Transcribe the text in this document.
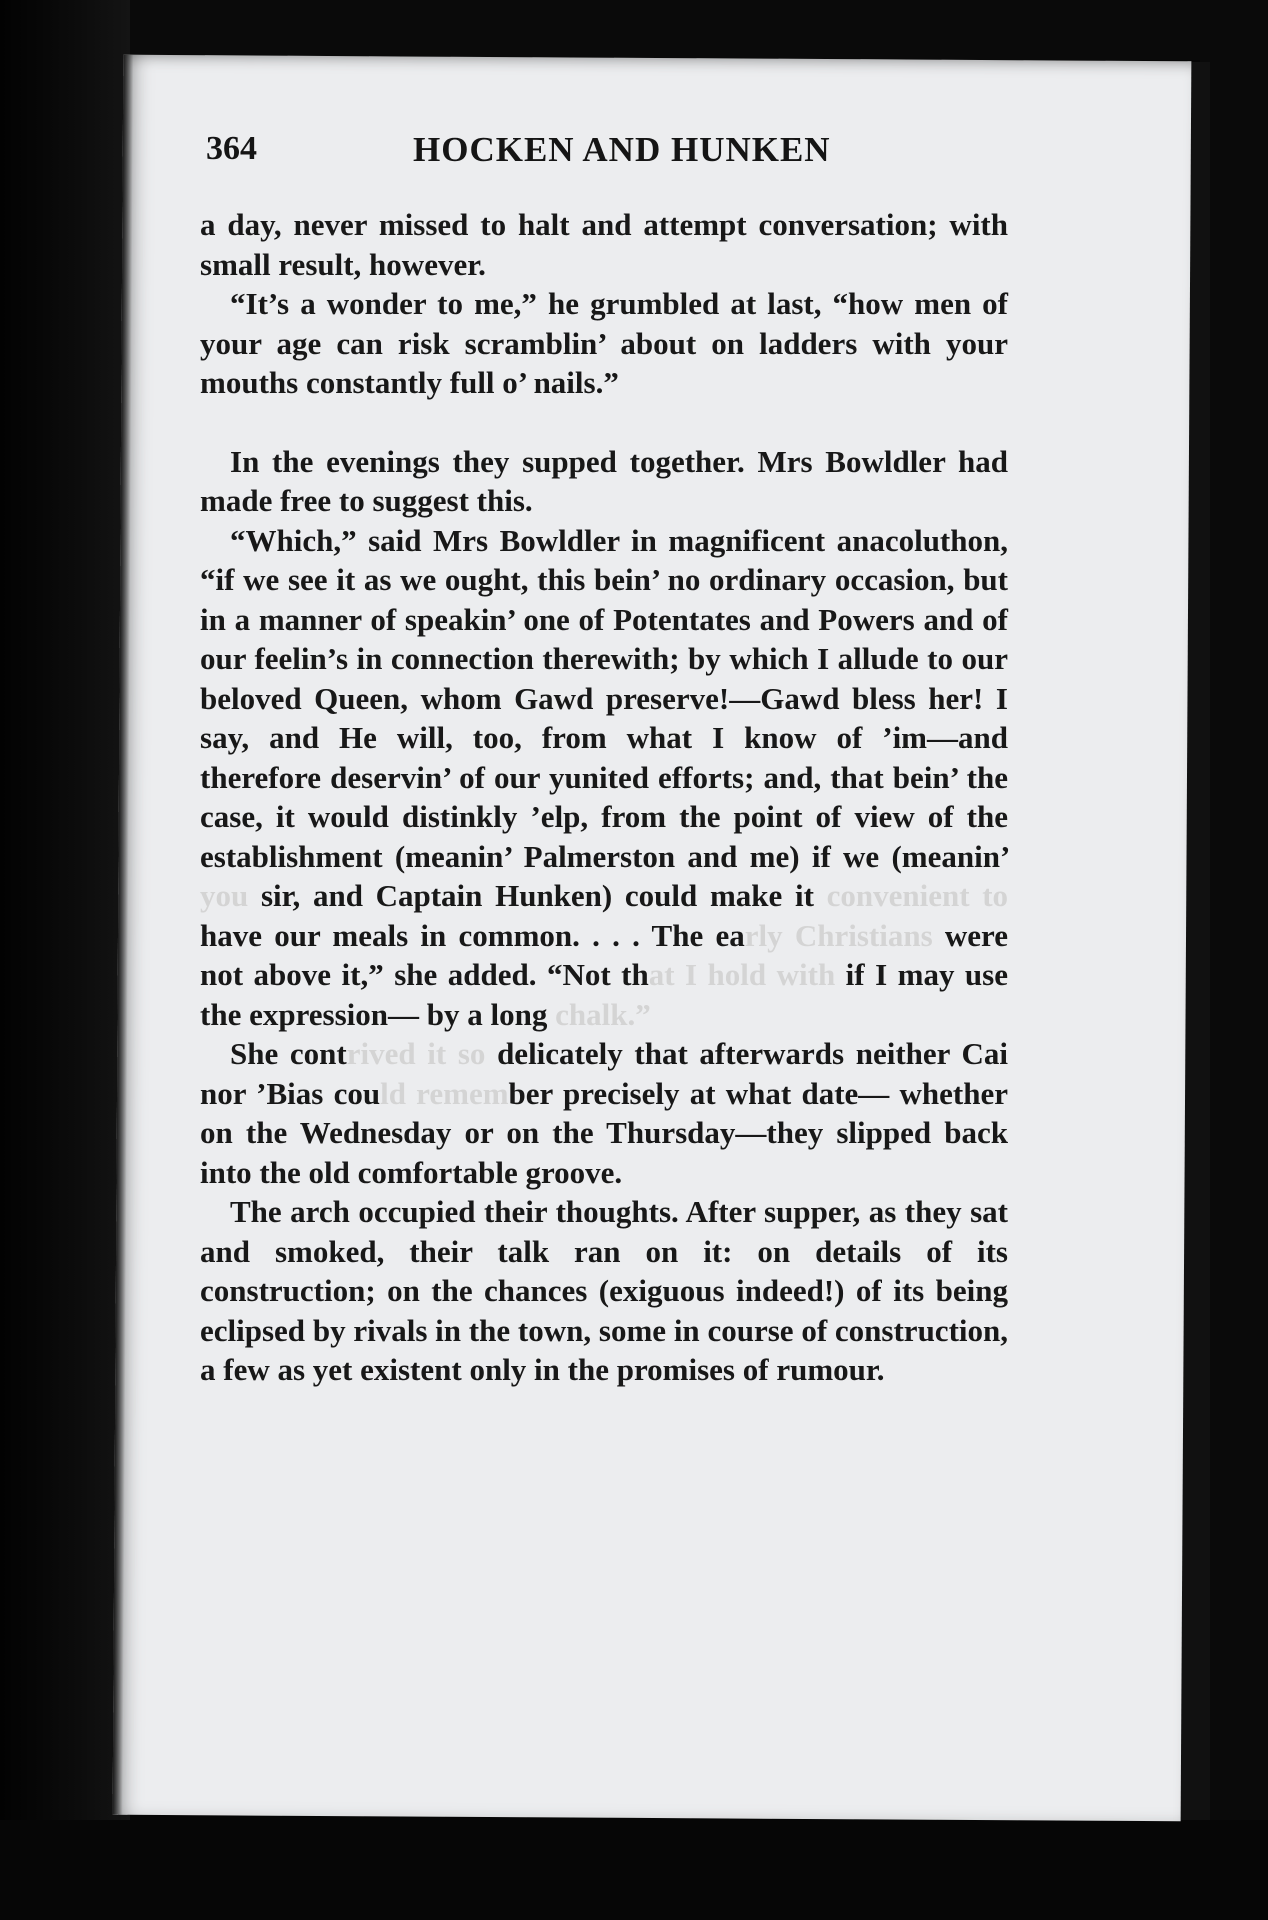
364	HOCKEN AND HUNKEN

a day, never missed to halt and attempt conversation; with small result, however.

“It’s a wonder to me,” he grumbled at last, “how men of your age can risk scramblin’ about on ladders with your mouths constantly full o’ nails.”

In the evenings they supped together. Mrs Bowldler had made free to suggest this.

“Which,” said Mrs Bowldler in magnificent anacoluthon, “if we see it as we ought, this bein’ no ordinary occasion, but in a manner of speakin’ one of Potentates and Powers and of our feelin’s in connection therewith; by which I allude to our beloved Queen, whom Gawd preserve!—Gawd bless her! I say, and He will, too, from what I know of ’im—and therefore deservin’ of our yunited efforts; and, that bein’ the case, it would distinkly ’elp, from the point of view of the establishment (meanin’ Palmerston and me) if we (meanin’ you sir, and Captain Hunken) could make it convenient to have our meals in common. . . . The early Christians were not above it,” she added. “Not that I hold with if I may use the expression— by a long chalk.”

She contrived it so delicately that afterwards neither Cai nor ’Bias could remember precisely at what date— whether on the Wednesday or on the Thursday—they slipped back into the old comfortable groove.

The arch occupied their thoughts. After supper, as they sat and smoked, their talk ran on it: on details of its construction; on the chances (exiguous indeed!) of its being eclipsed by rivals in the town, some in course of construction, a few as yet existent only in the promises of rumour.
